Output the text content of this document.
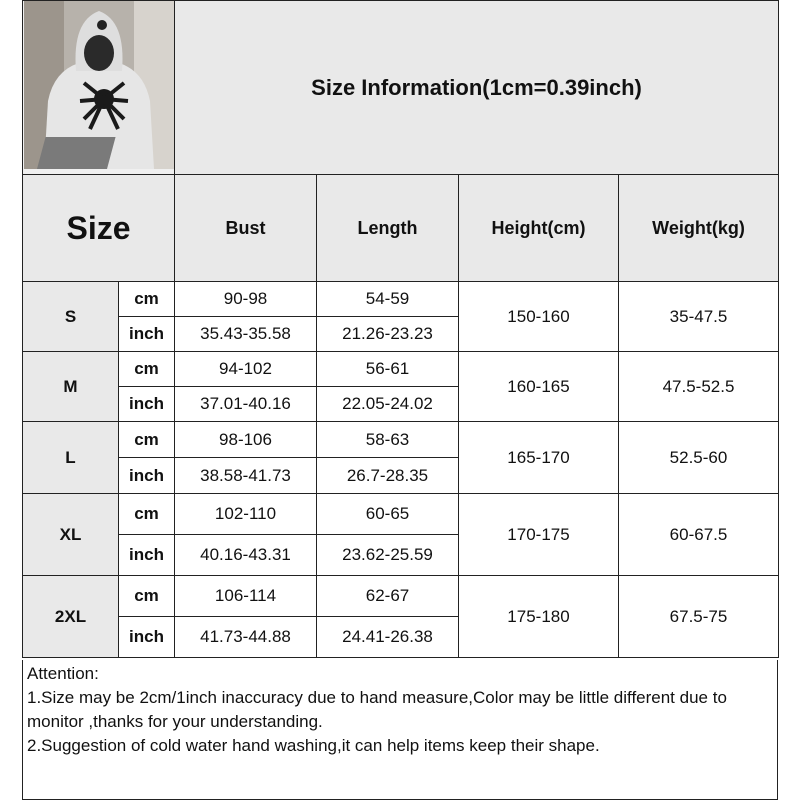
	Size Information(1cm=0.39inch)			
Size		Bust	Length	Height(cm)	Weight(kg)
S	cm	90-98	54-59	150-160	35-47.5
	inch	35.43-35.58	21.26-23.23		
M	cm	94-102	56-61	160-165	47.5-52.5
	inch	37.01-40.16	22.05-24.02		
L	cm	98-106	58-63	165-170	52.5-60
	inch	38.58-41.73	26.7-28.35		
XL	cm	102-110	60-65	170-175	60-67.5
	inch	40.16-43.31	23.62-25.59		
2XL	cm	106-114	62-67	175-180	67.5-75
	inch	41.73-44.88	24.41-26.38		

Attention:

1.Size may be 2cm/1inch inaccuracy due to hand measure,Color may be little different due to monitor ,thanks for your understanding.

2.Suggestion of cold water hand washing,it can help items keep their shape.
